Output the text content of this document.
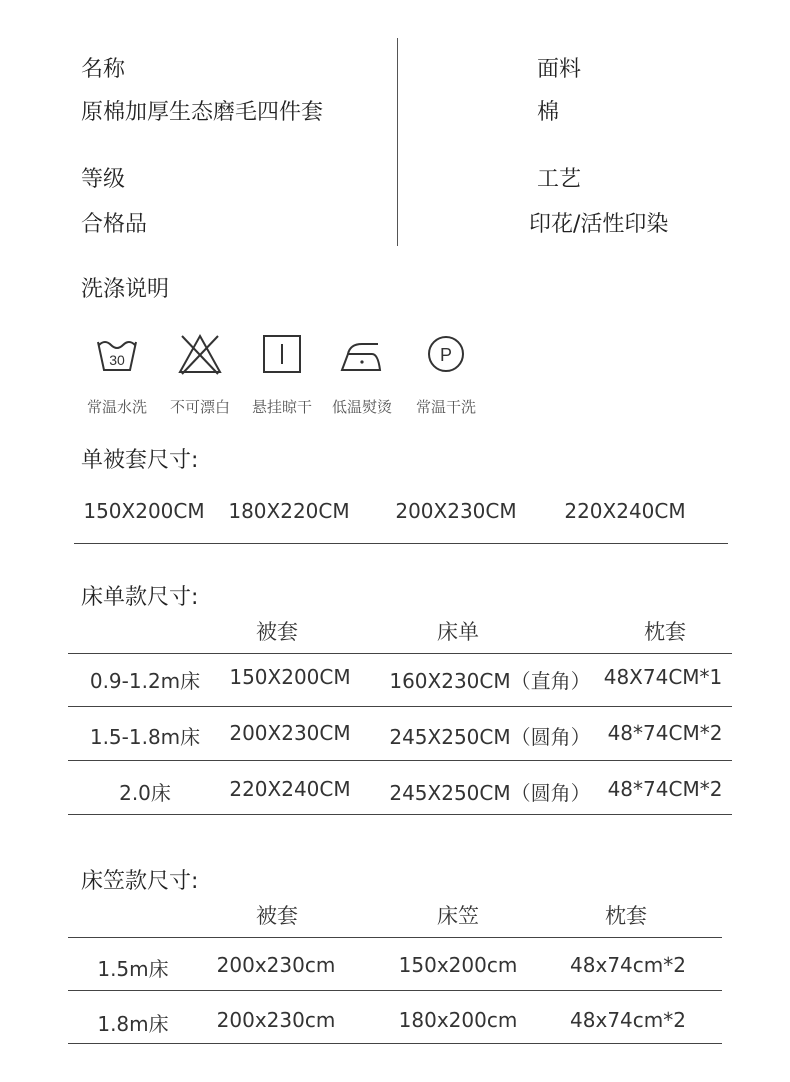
名称
原棉加厚生态磨毛四件套
面料
棉
等级
合格品
工艺
印花/活性印染
洗涤说明
30
常温水洗	不可漂白	悬挂晾干	低温熨烫
P
常温干洗
单被套尺寸:
150X200CM 180X220CM 200X230CM 220X240CM
床单款尺寸:
被套	床单	枕套
0.9-1.2m床 150X200CM 160X230CM（直角） 48X74CM*1
1.5-1.8m床 200X230CM 245X250CM（圆角） 48*74CM*2
2.0床	220X240CM 245X250CM（圆角） 48*74CM*2
床笠款尺寸:
被套	床笠	枕套
1.5m床 200x230cm	150x200cm	48x74cm*2
1.8m床 200x230cm	180x200cm	48x74cm*2
